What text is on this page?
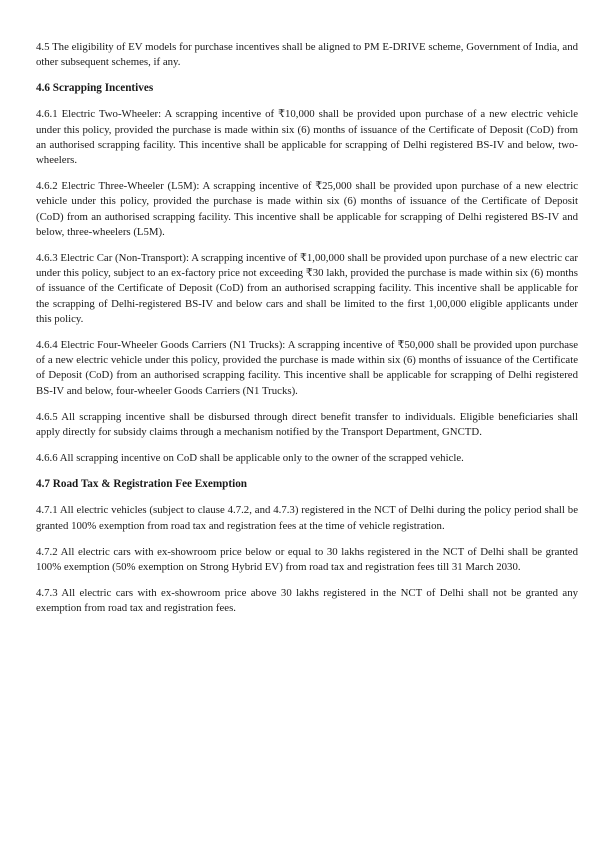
4.5 The eligibility of EV models for purchase incentives shall be aligned to PM E-DRIVE scheme, Government of India, and other subsequent schemes, if any.

4.6 Scrapping Incentives

4.6.1 Electric Two-Wheeler: A scrapping incentive of ₹10,000 shall be provided upon purchase of a new electric vehicle under this policy, provided the purchase is made within six (6) months of issuance of the Certificate of Deposit (CoD) from an authorised scrapping facility. This incentive shall be applicable for scrapping of Delhi registered BS-IV and below, two-wheelers.

4.6.2 Electric Three-Wheeler (L5M): A scrapping incentive of ₹25,000 shall be provided upon purchase of a new electric vehicle under this policy, provided the purchase is made within six (6) months of issuance of the Certificate of Deposit (CoD) from an authorised scrapping facility. This incentive shall be applicable for scrapping of Delhi registered BS-IV and below, three-wheelers (L5M).

4.6.3 Electric Car (Non-Transport): A scrapping incentive of ₹1,00,000 shall be provided upon purchase of a new electric car under this policy, subject to an ex-factory price not exceeding ₹30 lakh, provided the purchase is made within six (6) months of issuance of the Certificate of Deposit (CoD) from an authorised scrapping facility. This incentive shall be applicable for the scrapping of Delhi-registered BS-IV and below cars and shall be limited to the first 1,00,000 eligible applicants under this policy.

4.6.4 Electric Four-Wheeler Goods Carriers (N1 Trucks): A scrapping incentive of ₹50,000 shall be provided upon purchase of a new electric vehicle under this policy, provided the purchase is made within six (6) months of issuance of the Certificate of Deposit (CoD) from an authorised scrapping facility. This incentive shall be applicable for scrapping of Delhi registered BS-IV and below, four-wheeler Goods Carriers (N1 Trucks).

4.6.5 All scrapping incentive shall be disbursed through direct benefit transfer to individuals. Eligible beneficiaries shall apply directly for subsidy claims through a mechanism notified by the Transport Department, GNCTD.

4.6.6 All scrapping incentive on CoD shall be applicable only to the owner of the scrapped vehicle.

4.7 Road Tax & Registration Fee Exemption

4.7.1 All electric vehicles (subject to clause 4.7.2, and 4.7.3) registered in the NCT of Delhi during the policy period shall be granted 100% exemption from road tax and registration fees at the time of vehicle registration.

4.7.2 All electric cars with ex-showroom price below or equal to 30 lakhs registered in the NCT of Delhi shall be granted 100% exemption (50% exemption on Strong Hybrid EV) from road tax and registration fees till 31 March 2030.

4.7.3 All electric cars with ex-showroom price above 30 lakhs registered in the NCT of Delhi shall not be granted any exemption from road tax and registration fees.
